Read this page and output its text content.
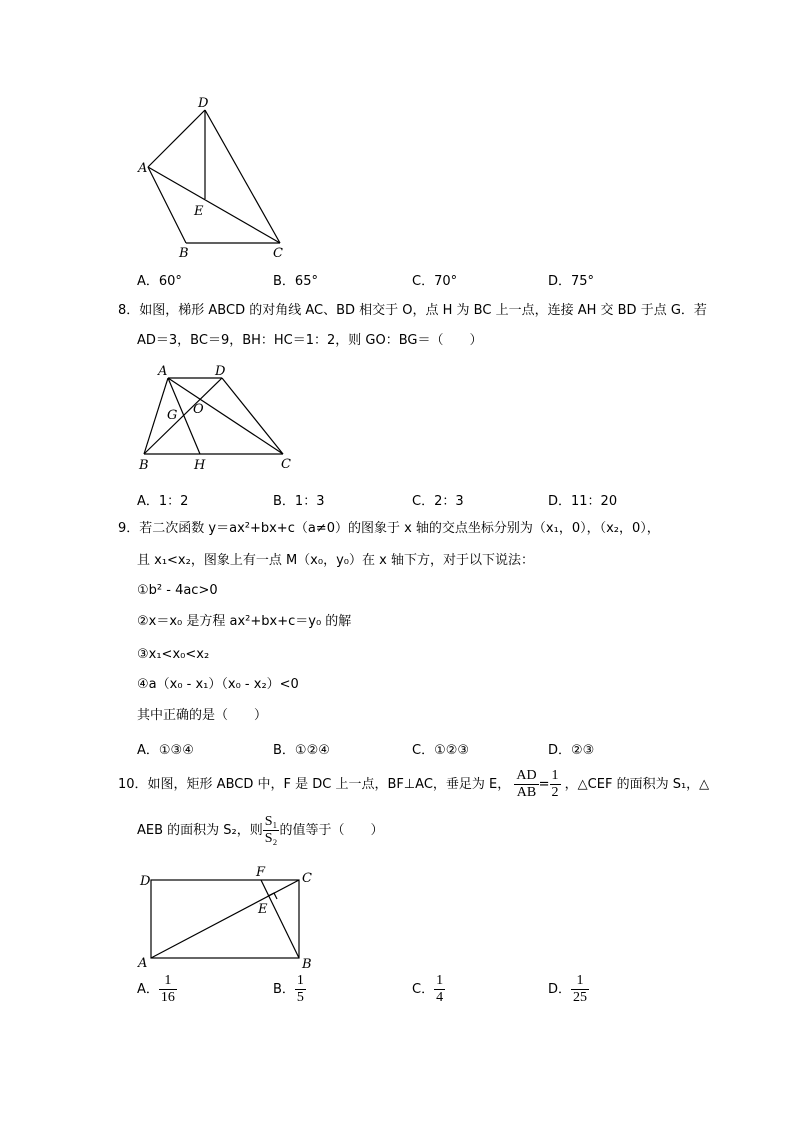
D
A
E
B	C
A．60°	B．65°	C．70°	D．75°
8．如图，梯形 ABCD 的对角线 AC、BD 相交于 O，点 H 为 BC 上一点，连接 AH 交 BD 于点 G．若
AD＝3，BC＝9，BH：HC＝1：2，则 GO：BG＝（　　）
A	D
G O
B	H	C
A．1：2	B．1：3	C．2：3	D．11：20
9．若二次函数 y＝ax²+bx+c（a≠0）的图象于 x 轴的交点坐标分别为（x₁，0），（x₂，0），
且 x₁<x₂，图象上有一点 M（x₀，y₀）在 x 轴下方，对于以下说法：
①b² - 4ac>0
②x＝x₀ 是方程 ax²+bx+c＝y₀ 的解
③x₁<x₀<x₂
④a（x₀ - x₁）（x₀ - x₂）<0
其中正确的是（　　）
A．①③④	B．①②④	C．①②③	D．②③
10．如图，矩形 ABCD 中，F 是 DC 上一点，BF⊥AC，垂足为 E， $\frac{AD}{AB} = \frac{1}{2}$ ，△CEF 的面积为 S₁，△
AEB 的面积为 S₂，则 $\frac{\text{S₁}}{\text{S₂}}$ 的值等于（　　）
D
F	C
E
A	B
A． $\frac{1}{16}$	B． $\frac{1}{5}$	C． $\frac{1}{4}$	D． $\frac{1}{25}$
